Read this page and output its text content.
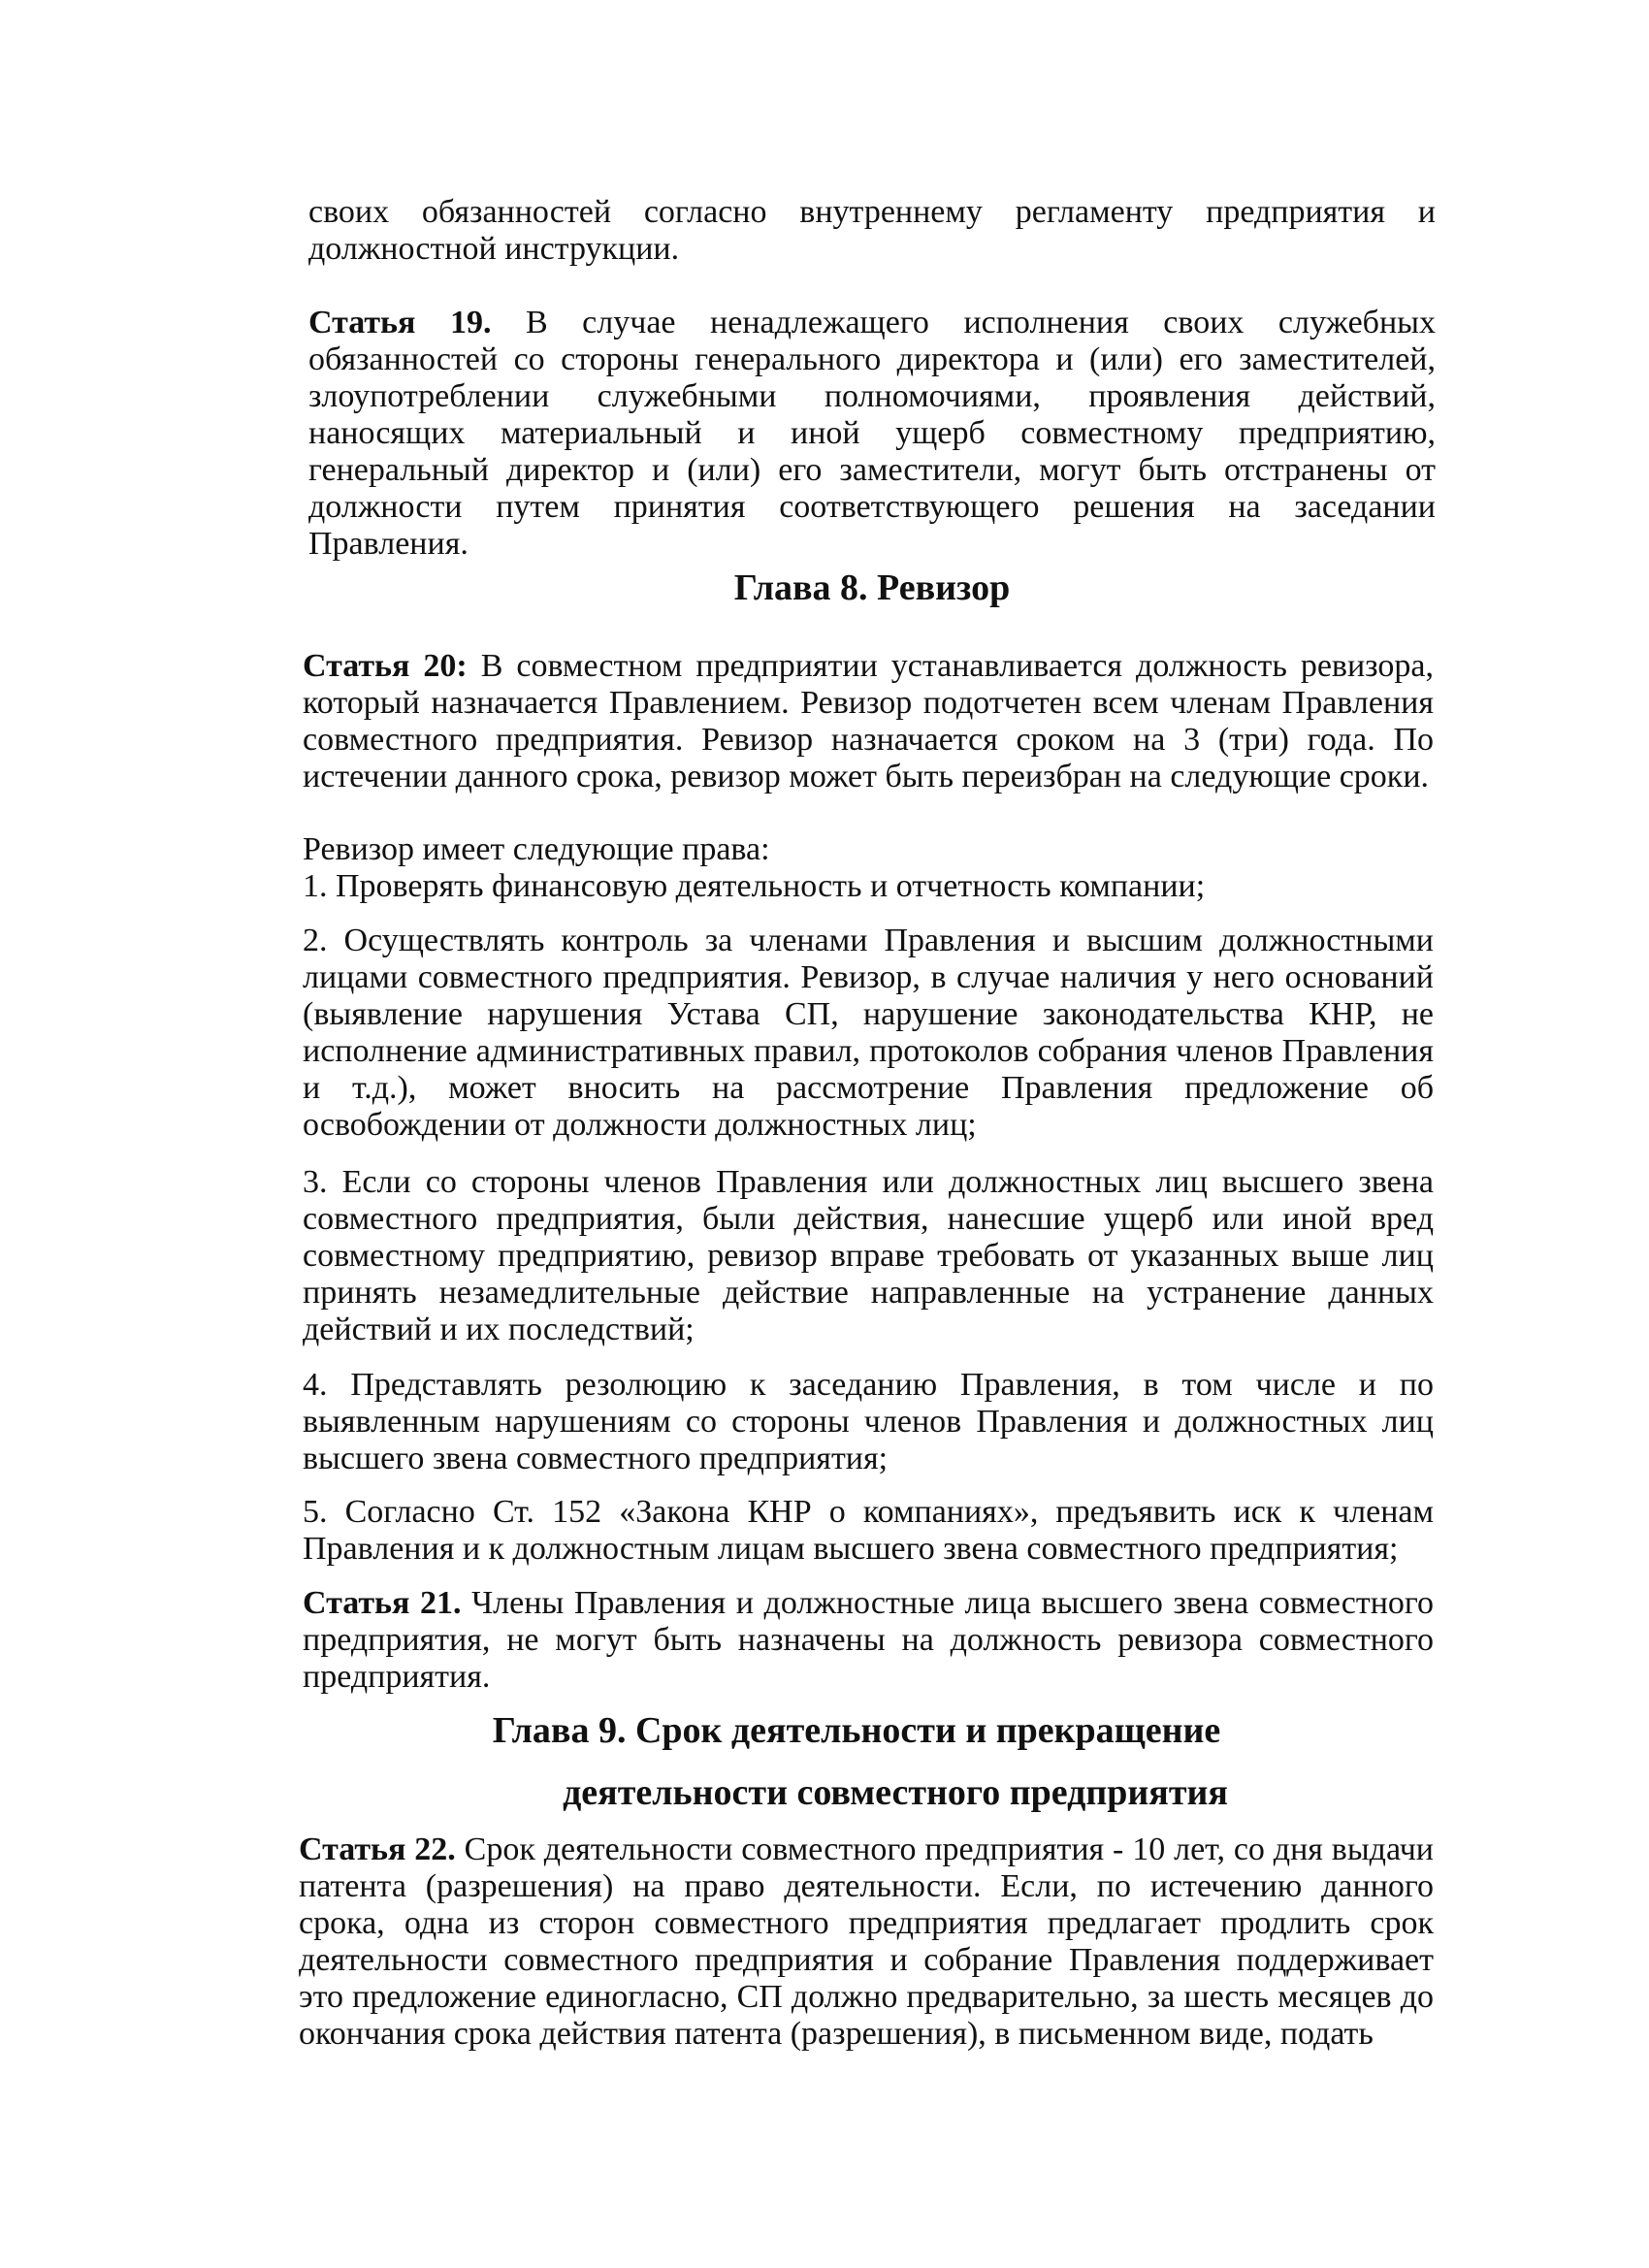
своих обязанностей согласно внутреннему регламенту предприятия и должностной инструкции.

Статья 19. В случае ненадлежащего исполнения своих служебных обязанностей со стороны генерального директора и (или) его заместителей, злоупотреблении служебными полномочиями, проявления действий, наносящих материальный и иной ущерб совместному предприятию, генеральный директор и (или) его заместители, могут быть отстранены от должности путем принятия соответствующего решения на заседании Правления.

Глава 8. Ревизор

Статья 20: В совместном предприятии устанавливается должность ревизора, который назначается Правлением. Ревизор подотчетен всем членам Правления совместного предприятия. Ревизор назначается сроком на 3 (три) года. По истечении данного срока, ревизор может быть переизбран на следующие сроки.

Ревизор имеет следующие права:

1. Проверять финансовую деятельность и отчетность компании;

2. Осуществлять контроль за членами Правления и высшим должностными лицами совместного предприятия. Ревизор, в случае наличия у него оснований (выявление нарушения Устава СП, нарушение законодательства КНР, не исполнение административных правил, протоколов собрания членов Правления и т.д.), может вносить на рассмотрение Правления предложение об освобождении от должности должностных лиц;

3. Если со стороны членов Правления или должностных лиц высшего звена совместного предприятия, были действия, нанесшие ущерб или иной вред совместному предприятию, ревизор вправе требовать от указанных выше лиц принять незамедлительные действие направленные на устранение данных действий и их последствий;

4. Представлять резолюцию к заседанию Правления, в том числе и по выявленным нарушениям со стороны членов Правления и должностных лиц высшего звена совместного предприятия;

5. Согласно Ст. 152 «Закона КНР о компаниях», предъявить иск к членам Правления и к должностным лицам высшего звена совместного предприятия;

Статья 21. Члены Правления и должностные лица высшего звена совместного предприятия, не могут быть назначены на должность ревизора совместного предприятия.

Глава 9. Срок деятельности и прекращение
деятельности совместного предприятия

Статья 22. Срок деятельности совместного предприятия - 10 лет, со дня выдачи патента (разрешения) на право деятельности. Если, по истечению данного срока, одна из сторон совместного предприятия предлагает продлить срок деятельности совместного предприятия и собрание Правления поддерживает это предложение единогласно, СП должно предварительно, за шесть месяцев до окончания срока действия патента (разрешения), в письменном виде, подать
